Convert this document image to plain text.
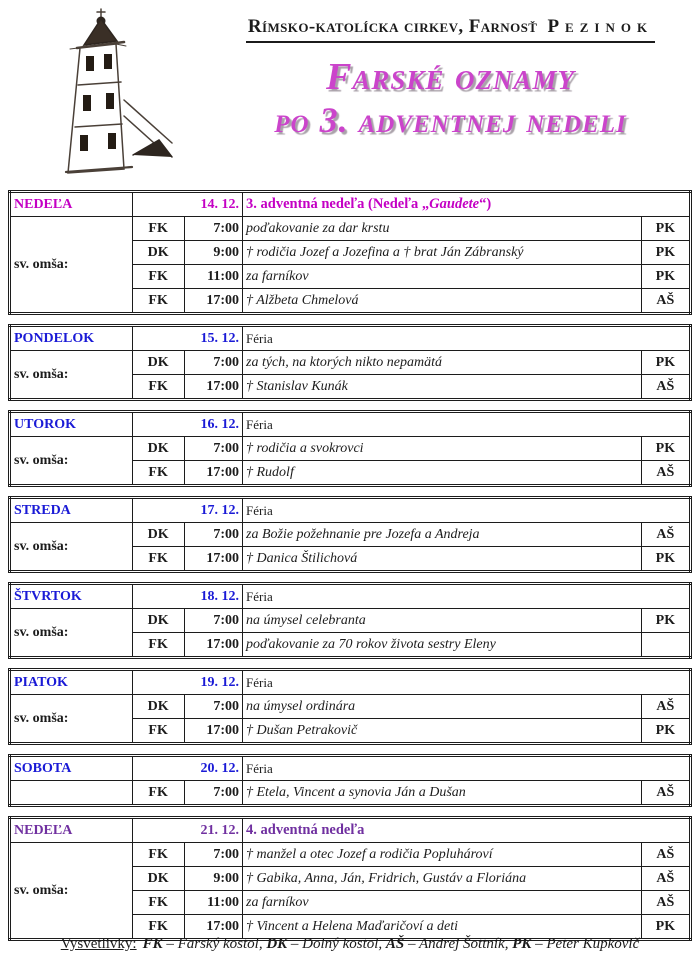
Rímsko-katolícka cirkev, Farnosť Pezinok
Farské oznamy
po 3. adventnej nedeli
NEDEĽA	14. 12.		3. adventná nedeľa (Nedeľa „Gaudete“)	
sv. omša:	FK	7:00	poďakovanie za dar krstu	PK
	DK	9:00	† rodičia Jozef a Jozefina a † brat Ján Zábranský	PK
	FK	11:00	za farníkov	PK
	FK	17:00	† Alžbeta Chmelová	AŠ
PONDELOK	15. 12.		Féria	
sv. omša:	DK	7:00	za tých, na ktorých nikto nepamätá	PK
	FK	17:00	† Stanislav Kunák	AŠ
UTOROK	16. 12.		Féria	
sv. omša:	DK	7:00	† rodičia a svokrovci	PK
	FK	17:00	† Rudolf	AŠ
STREDA	17. 12.		Féria	
sv. omša:	DK	7:00	za Božie požehnanie pre Jozefa a Andreja	AŠ
	FK	17:00	† Danica Štilichová	PK
ŠTVRTOK	18. 12.		Féria	
sv. omša:	DK	7:00	na úmysel celebranta	PK
	FK	17:00	poďakovanie za 70 rokov života sestry Eleny	
PIATOK	19. 12.		Féria	
sv. omša:	DK	7:00	na úmysel ordinára	AŠ
	FK	17:00	† Dušan Petrakovič	PK
SOBOTA	20. 12.		Féria	
	FK	7:00	† Etela, Vincent a synovia Ján a Dušan	AŠ
NEDEĽA	21. 12.		4. adventná nedeľa	
sv. omša:	FK	7:00	† manžel a otec Jozef a rodičia Popluhároví	AŠ
	DK	9:00	† Gabika, Anna, Ján, Fridrich, Gustáv a Floriána	AŠ
	FK	11:00	za farníkov	AŠ
	FK	17:00	† Vincent a Helena Maďaričoví a deti	PK
Vysvetlivky: FK – Farský kostol, DK – Dolný kostol, AŠ – Andrej Šottník, PK – Peter Kupkovič
